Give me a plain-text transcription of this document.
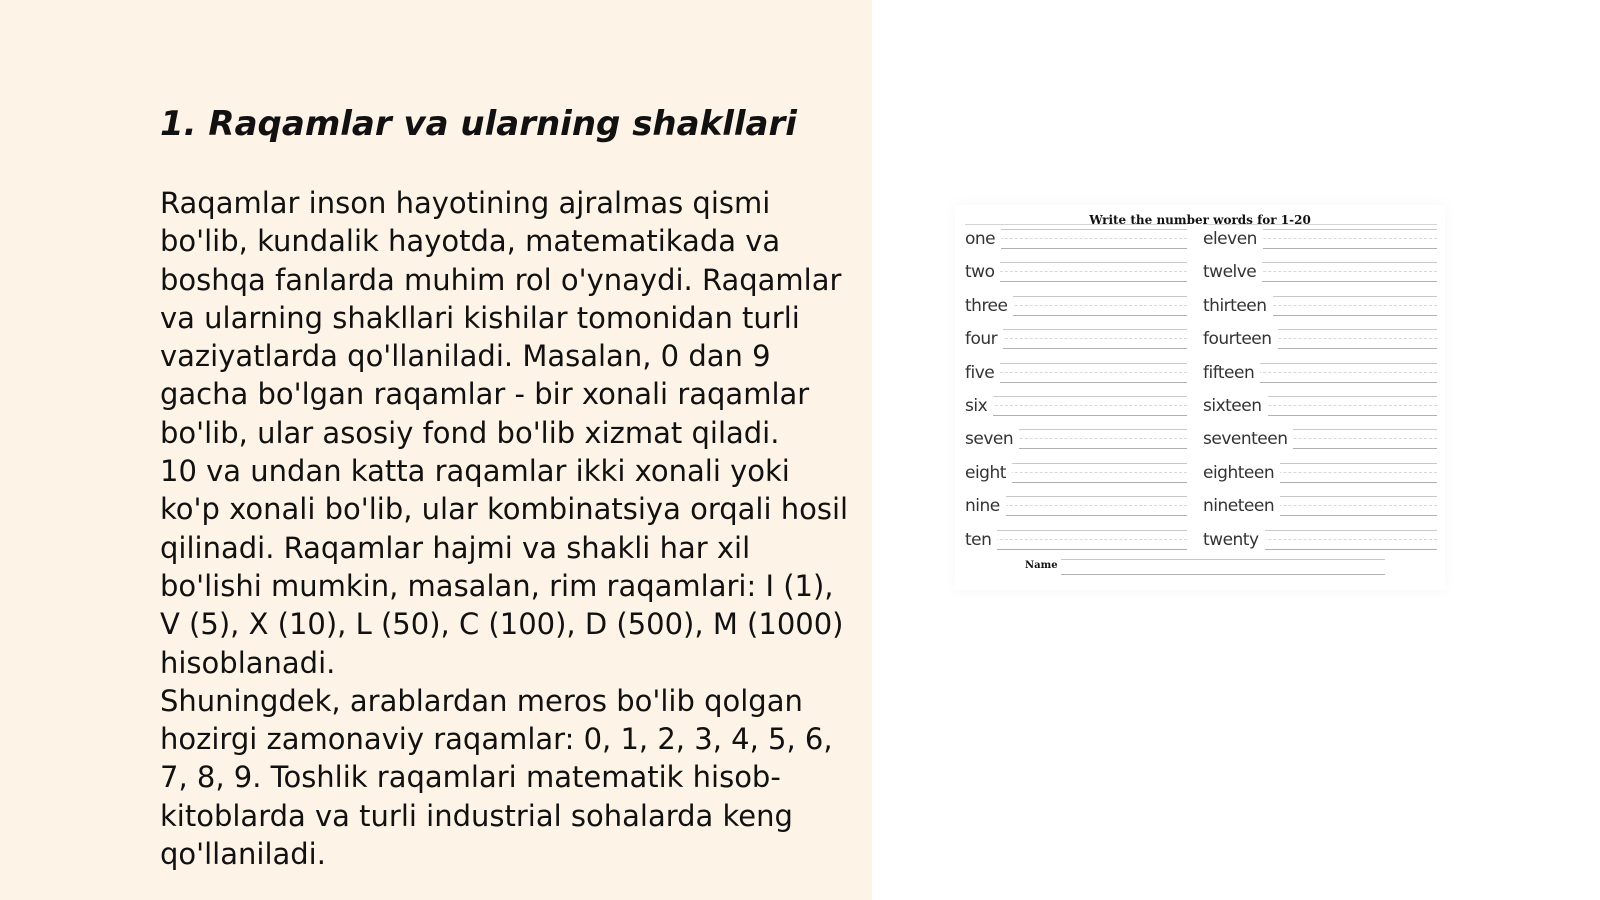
1. Raqamlar va ularning shakllari

Raqamlar inson hayotining ajralmas qismi bo'lib, kundalik hayotda, matematikada va boshqa fanlarda muhim rol o'ynaydi. Raqamlar va ularning shakllari kishilar tomonidan turli vaziyatlarda qo'llaniladi. Masalan, 0 dan 9 gacha bo'lgan raqamlar - bir xonali raqamlar bo'lib, ular asosiy fond bo'lib xizmat qiladi.

10 va undan katta raqamlar ikki xonali yoki ko'p xonali bo'lib, ular kombinatsiya orqali hosil qilinadi. Raqamlar hajmi va shakli har xil bo'lishi mumkin, masalan, rim raqamlari: I (1), V (5), X (10), L (50), C (100), D (500), M (1000) hisoblanadi.

Shuningdek, arablardan meros bo'lib qolgan hozirgi zamonaviy raqamlar: 0, 1, 2, 3, 4, 5, 6, 7, 8, 9. Toshlik raqamlari matematik hisob-kitoblarda va turli industrial sohalarda keng qo'llaniladi.

Write the number words for 1-20
one
two
three
four
five
six
seven
eight
nine
ten
eleven
twelve
thirteen
fourteen
fifteen
sixteen
seventeen
eighteen
nineteen
twenty
Name
